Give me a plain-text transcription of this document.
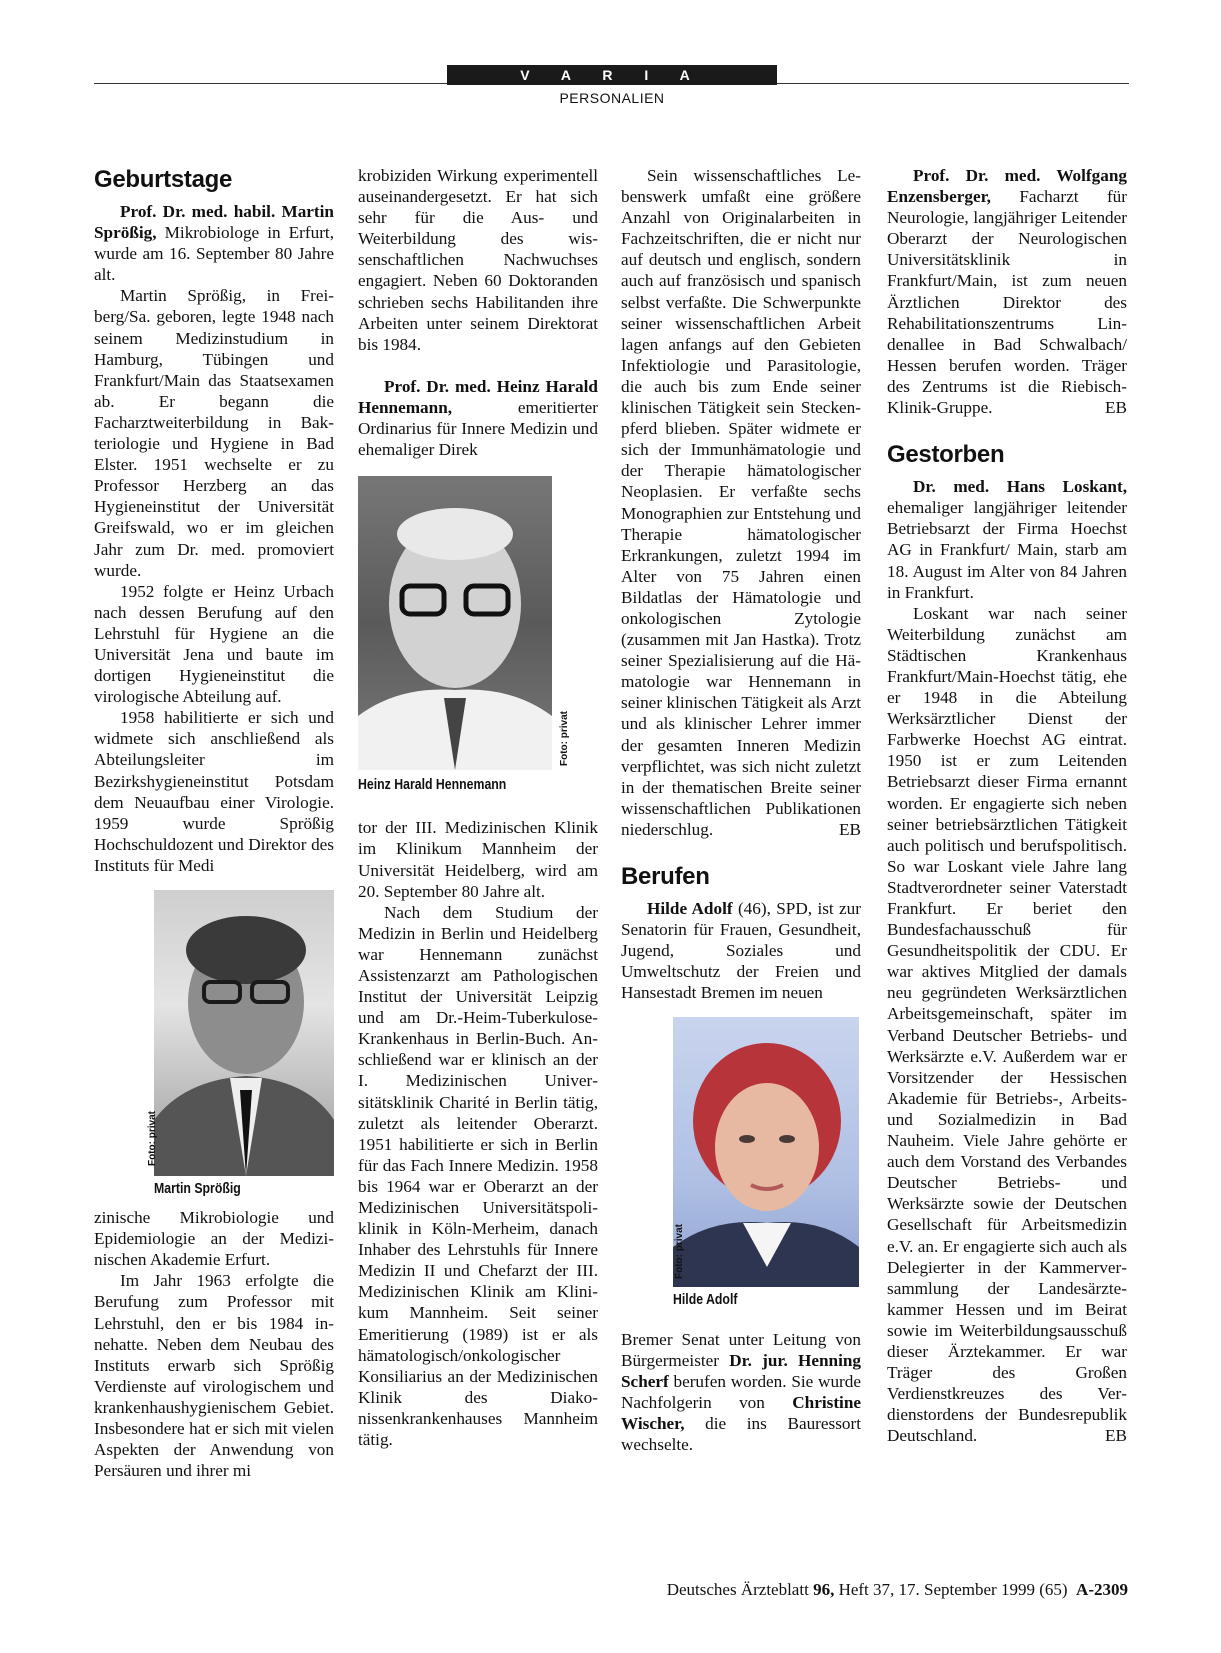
V A R I A
PERSONALIEN
Geburtstage

Prof. Dr. med. habil. Martin Sprößig, Mikrobiologe in Erfurt, wurde am 16. September 80 Jahre alt.

Martin Sprößig, in Freiberg/Sa. geboren, legte 1948 nach seinem Medizinstudium in Hamburg, Tübingen und Frankfurt/Main das Staatsexamen ab. Er begann die Facharztweiterbildung in Bakteriologie und Hygiene in Bad Elster. 1951 wechselte er zu Professor Herzberg an das Hygieneinstitut der Universität Greifswald, wo er im gleichen Jahr zum Dr. med. promoviert wurde.

1952 folgte er Heinz Urbach nach dessen Berufung auf den Lehrstuhl für Hygiene an die Universität Jena und baute im dortigen Hygieneinstitut die virologische Abteilung auf.

1958 habilitierte er sich und widmete sich anschließend als Abteilungsleiter im Bezirkshygieneinstitut Potsdam dem Neuaufbau einer Virologie. 1959 wurde Sprößig Hochschuldozent und Direktor des Instituts für Medi

Foto: privat
Martin Sprößig

zinische Mikrobiologie und Epidemiologie an der Medizinischen Akademie Erfurt.

Im Jahr 1963 erfolgte die Berufung zum Professor mit Lehrstuhl, den er bis 1984 innehatte. Neben dem Neubau des Instituts erwarb sich Sprößig Verdienste auf virologischem und krankenhaushygienischem Gebiet. Insbesondere hat er sich mit vielen Aspekten der Anwendung von Persäuren und ihrer mi

krobiziden Wirkung experimentell auseinandergesetzt. Er hat sich sehr für die Aus- und Weiterbildung des wissenschaftlichen Nachwuchses engagiert. Neben 60 Doktoranden schrieben sechs Habilitanden ihre Arbeiten unter seinem Direktorat bis 1984.

Prof. Dr. med. Heinz Harald Hennemann, emeritierter Ordinarius für Innere Medizin und ehemaliger Direk

Foto: privat
Heinz Harald Hennemann

tor der III. Medizinischen Klinik im Klinikum Mannheim der Universität Heidelberg, wird am 20. September 80 Jahre alt.

Nach dem Studium der Medizin in Berlin und Heidelberg war Hennemann zunächst Assistenzarzt am Pathologischen Institut der Universität Leipzig und am Dr.-Heim-Tuberkulose-Krankenhaus in Berlin-Buch. Anschließend war er klinisch an der I. Medizinischen Universitätsklinik Charité in Berlin tätig, zuletzt als leitender Oberarzt. 1951 habilitierte er sich in Berlin für das Fach Innere Medizin. 1958 bis 1964 war er Oberarzt an der Medizinischen Universitätspoliklinik in Köln-Merheim, danach Inhaber des Lehrstuhls für Innere Medizin II und Chefarzt der III. Medizinischen Klinik am Klinikum Mannheim. Seit seiner Emeritierung (1989) ist er als hämatologisch/onkologischer Konsiliarius an der Medizinischen Klinik des Diakonissenkrankenhauses Mannheim tätig.

Sein wissenschaftliches Lebenswerk umfaßt eine größere Anzahl von Originalarbeiten in Fachzeitschriften, die er nicht nur auf deutsch und englisch, sondern auch auf französisch und spanisch selbst verfaßte. Die Schwerpunkte seiner wissenschaftlichen Arbeit lagen anfangs auf den Gebieten Infektiologie und Parasitologie, die auch bis zum Ende seiner klinischen Tätigkeit sein Steckenpferd blieben. Später widmete er sich der Immunhämatologie und der Therapie hämatologischer Neoplasien. Er verfaßte sechs Monographien zur Entstehung und Therapie hämatologischer Erkrankungen, zuletzt 1994 im Alter von 75 Jahren einen Bildatlas der Hämatologie und onkologischen Zytologie (zusammen mit Jan Hastka). Trotz seiner Spezialisierung auf die Hämatologie war Hennemann in seiner klinischen Tätigkeit als Arzt und als klinischer Lehrer immer der gesamten Inneren Medizin verpflichtet, was sich nicht zuletzt in der thematischen Breite seiner wissenschaftlichen Publikationen niederschlug.	EB

Berufen

Hilde Adolf (46), SPD, ist zur Senatorin für Frauen, Gesundheit, Jugend, Soziales und Umweltschutz der Freien und Hansestadt Bremen im neuen

Foto: privat
Hilde Adolf

Bremer Senat unter Leitung von Bürgermeister Dr. jur. Henning Scherf berufen worden. Sie wurde Nachfolgerin von Christine Wischer, die ins Bauressort wechselte.

Prof. Dr. med. Wolfgang Enzensberger, Facharzt für Neurologie, langjähriger Leitender Oberarzt der Neurologischen Universitätsklinik in Frankfurt/Main, ist zum neuen Ärztlichen Direktor des Rehabilitationszentrums Lindenallee in Bad Schwalbach/ Hessen berufen worden. Träger des Zentrums ist die Riebisch-Klinik-Gruppe.	EB

Gestorben

Dr. med. Hans Loskant, ehemaliger langjähriger leitender Betriebsarzt der Firma Hoechst AG in Frankfurt/ Main, starb am 18. August im Alter von 84 Jahren in Frankfurt.

Loskant war nach seiner Weiterbildung zunächst am Städtischen Krankenhaus Frankfurt/Main-Hoechst tätig, ehe er 1948 in die Abteilung Werksärztlicher Dienst der Farbwerke Hoechst AG eintrat. 1950 ist er zum Leitenden Betriebsarzt dieser Firma ernannt worden. Er engagierte sich neben seiner betriebsärztlichen Tätigkeit auch politisch und berufspolitisch. So war Loskant viele Jahre lang Stadtverordneter seiner Vaterstadt Frankfurt. Er beriet den Bundesfachausschuß für Gesundheitspolitik der CDU. Er war aktives Mitglied der damals neu gegründeten Werksärztlichen Arbeitsgemeinschaft, später im Verband Deutscher Betriebs- und Werksärzte e.V. Außerdem war er Vorsitzender der Hessischen Akademie für Betriebs-, Arbeits- und Sozialmedizin in Bad Nauheim. Viele Jahre gehörte er auch dem Vorstand des Verbandes Deutscher Betriebs- und Werksärzte sowie der Deutschen Gesellschaft für Arbeitsmedizin e.V. an. Er engagierte sich auch als Delegierter in der Kammerversammlung der Landesärztekammer Hessen und im Beirat sowie im Weiterbildungsausschuß dieser Ärztekammer. Er war Träger des Großen Verdienstkreuzes des Verdienstordens der Bundesrepublik Deutschland.	EB

Deutsches Ärzteblatt 96, Heft 37, 17. September 1999 (65)  A-2309
